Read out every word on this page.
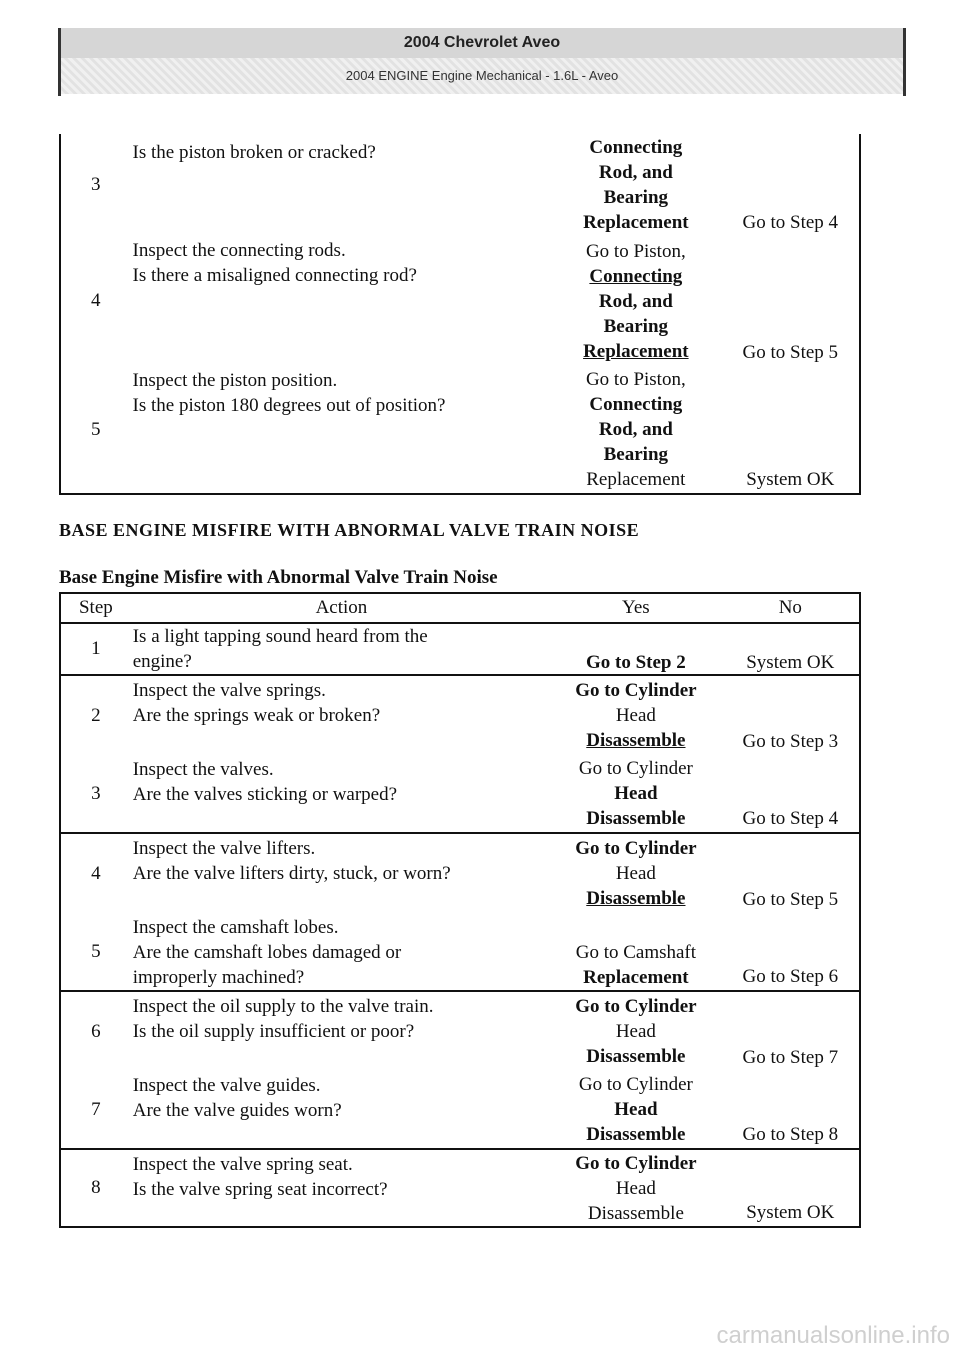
2004 Chevrolet Aveo
2004 ENGINE Engine Mechanical - 1.6L - Aveo
3	Is the piston broken or cracked?	Connecting
Rod, and
Bearing
Replacement	Go to Step 4
4	Inspect the connecting rods.
Is there a misaligned connecting rod?	Go to Piston,
Connecting
Rod, and
Bearing
Replacement	Go to Step 5
5	Inspect the piston position.
Is the piston 180 degrees out of position?	Go to Piston,
Connecting
Rod, and
Bearing
Replacement	System OK
BASE ENGINE MISFIRE WITH ABNORMAL VALVE TRAIN NOISE
Base Engine Misfire with Abnormal Valve Train Noise
Step	Action	Yes	No
1	Is a light tapping sound heard from the
engine?	Go to Step 2	System OK
2	Inspect the valve springs.
Are the springs weak or broken?	Go to Cylinder
Head
Disassemble	Go to Step 3
3	Inspect the valves.
Are the valves sticking or warped?	Go to Cylinder
Head
Disassemble	Go to Step 4
4	Inspect the valve lifters.
Are the valve lifters dirty, stuck, or worn?	Go to Cylinder
Head
Disassemble	Go to Step 5
5	Inspect the camshaft lobes.
Are the camshaft lobes damaged or
improperly machined?	Go to Camshaft
Replacement	Go to Step 6
6	Inspect the oil supply to the valve train.
Is the oil supply insufficient or poor?	Go to Cylinder
Head
Disassemble	Go to Step 7
7	Inspect the valve guides.
Are the valve guides worn?	Go to Cylinder
Head
Disassemble	Go to Step 8
8	Inspect the valve spring seat.
Is the valve spring seat incorrect?	Go to Cylinder
Head
Disassemble	System OK
carmanualsonline.info
